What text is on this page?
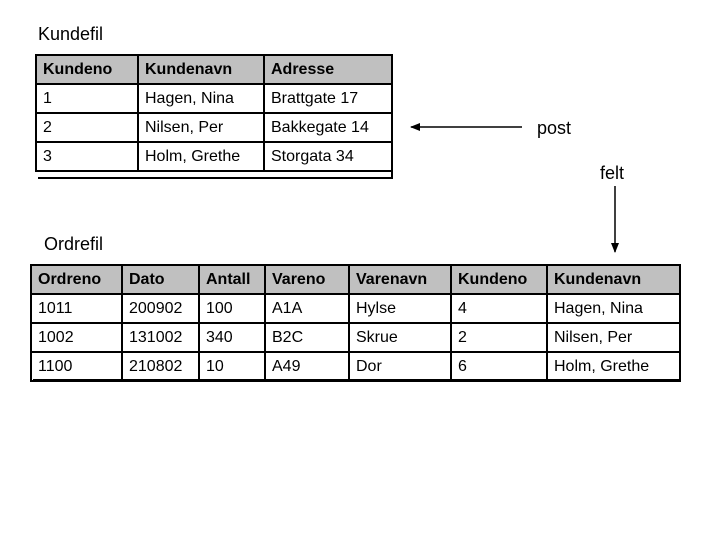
Kundefil
Kundeno	Kundenavn	Adresse
1	Hagen, Nina	Brattgate 17
2	Nilsen, Per	Bakkegate 14
3	Holm, Grethe	Storgata 34
post
felt
Ordrefil
Ordreno	Dato	Antall	Vareno	Varenavn	Kundeno	Kundenavn
1011	200902	100	A1A	Hylse	4	Hagen, Nina
1002	131002	340	B2C	Skrue	2	Nilsen, Per
1100	210802	10	A49	Dor	6	Holm, Grethe
